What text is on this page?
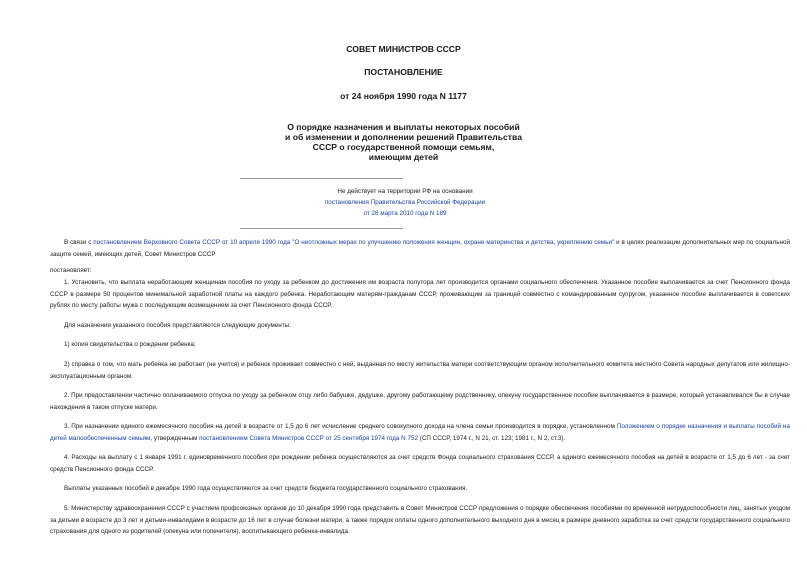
СОВЕТ МИНИСТРОВ СССР

ПОСТАНОВЛЕНИЕ

от 24 ноября 1990 года N 1177

О порядке назначения и выплаты некоторых пособий

и об изменении и дополнении решений Правительства

СССР о государственной помощи семьям,

имеющим детей

Не действует на территории РФ на основании
постановления Правительства Российской Федерации
от 28 марта 2010 года N 189
В связи с постановлением Верховного Совета СССР от 10 апреля 1990 года "О неотложных мерах по улучшению положения женщин, охране материнства и детства, укреплению семьи" и в целях реализации дополнительных мер по социальной защите семей, имеющих детей, Совет Министров СССР
постановляет:
1. Установить, что выплата неработающим женщинам пособия по уходу за ребенком до достижения им возраста полутора лет производится органами социального обеспечения. Указанное пособие выплачивается за счет Пенсионного фонда СССР в размере 50 процентов минимальной заработной платы на каждого ребенка. Неработающим матерям-гражданам СССР, проживающим за границей совместно с командированным супругом, указанное пособие выплачивается в советских рублях по месту работы мужа с последующим возмещением за счет Пенсионного фонда СССР.
Для назначения указанного пособия представляются следующие документы:
1) копия свидетельства о рождении ребенка;
2) справка о том, что мать ребенка не работает (не учится) и ребенок проживает совместно с ней, выданная по месту жительства матери соответствующим органом исполнительного комитета местного Совета народных депутатов или жилищно-эксплуатационным органом.
2. При предоставлении частично оплачиваемого отпуска по уходу за ребенком отцу либо бабушке, дедушке, другому работающему родственнику, опекуну государственное пособие выплачивается в размере, который устанавливался бы в случае нахождения в таком отпуске матери.
3. При назначении единого ежемесячного пособия на детей в возрасте от 1,5 до 6 лет исчисление среднего совокупного дохода на члена семьи производится в порядке, установленном Положением о порядке назначения и выплаты пособий на детей малообеспеченным семьям, утвержденным постановлением Совета Министров СССР от 25 сентября 1974 года N 752 (СП СССР, 1974 г., N 21, ст. 123; 1981 г., N 2, ст.3).
4. Расходы на выплату с 1 января 1991 г. единовременного пособия при рождении ребенка осуществляются за счет средств Фонда социального страхования СССР, а единого ежемесячного пособия на детей в возрасте от 1,5 до 6 лет - за счет средств Пенсионного фонда СССР.
Выплаты указанных пособий в декабре 1990 года осуществляются за счет средств бюджета государственного социального страхования.
5. Министерству здравоохранения СССР с участием профсоюзных органов до 10 декабря 1990 года представить в Совет Министров СССР предложения о порядке обеспечения пособиями по временной нетрудоспособности лиц, занятых уходом за детьми в возрасте до 3 лет и детьми-инвалидами в возрасте до 16 лет в случае болезни матери, а также порядок оплаты одного дополнительного выходного дня в месяц в размере дневного заработка за счет средств государственного социального страхования для одного из родителей (опекуна или попечителя), воспитывающего ребенка-инвалида.
